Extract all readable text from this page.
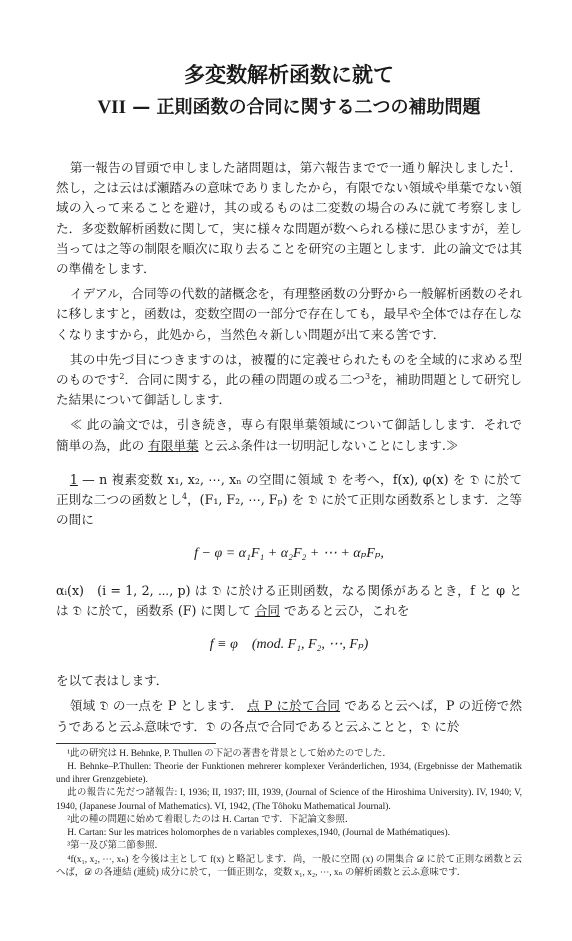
多変数解析函数に就て
VII — 正則函数の合同に関する二つの補助問題

第一報告の冒頭で申しました諸問題は，第六報告までで一通り解決しました$^1$．然し，之は云はば瀬踏みの意味でありましたから，有限でない領域や単葉でない領域の入って来ることを避け，其の或るものは二変数の場合のみに就て考察しました．多変数解析函数に関して，実に様々な問題が数へられる様に思ひますが，差し当っては之等の制限を順次に取り去ることを研究の主題とします．此の論文では其の準備をします．

イデアル，合同等の代数的諸概念を，有理整函数の分野から一般解析函数のそれに移しますと，函数は，変数空間の一部分で存在しても，最早や全体では存在しなくなりますから，此処から，当然色々新しい問題が出て来る筈です．

其の中先づ目につきますのは，被覆的に定義せられたものを全域的に求める型のものです$^2$．合同に関する，此の種の問題の或る二つ$^3$を，補助問題として研究した結果について御話しします．

≪ 此の論文では，引き続き，専ら有限単葉領域について御話しします．それで簡単の為，此の 有限単葉 と云ふ条件は一切明記しないことにします.≫

1 — n 複素変数 x₁, x₂, ⋯, xₙ の空間に領域 𝔇 を考へ，f(x), φ(x) を 𝔇 に於て正則な二つの函数とし$^4$，(F₁, F₂, ⋯, Fₚ) を 𝔇 に於て正則な函数系とします．之等の間に

f − φ = α₁F₁ + α₂F₂ + ⋯ + αₚFₚ,

αᵢ(x)　(i = 1, 2, ⋯, p) は 𝔇 に於ける正則函数，なる関係があるとき，f と φ とは 𝔇 に於て，函数系 (F) に関して 合同 であると云ひ，これを

f ≡ φ　(mod. F₁, F₂, ⋯, Fₚ)

を以て表はします．

領域 𝔇 の一点を P とします． 点 P に於て合同 であると云へば，P の近傍で然うであると云ふ意味です．𝔇 の各点で合同であると云ふことと，𝔇 に於

¹此の研究は H. Behnke, P. Thullen の下記の著書を背景として始めたのでした．

H. Behnke–P.Thullen: Theorie der Funktionen mehrerer komplexer Veränderlichen, 1934, (Ergebnisse der Mathematik und ihrer Grenzgebiete).

此の報告に先だつ諸報告: I, 1936; II, 1937; III, 1939, (Journal of Science of the Hiroshima University). IV, 1940; V, 1940, (Japanese Journal of Mathematics). VI, 1942, (The Tôhoku Mathematical Journal).

²此の種の問題に始めて着眼したのは H. Cartan です．下記論文参照．

H. Cartan: Sur les matrices holomorphes de n variables complexes,1940, (Journal de Mathématiques).

³第一及び第二節参照．

⁴f(x₁, x₂, ⋯, xₙ) を今後は主として f(x) と略記します．尚，一般に空間 (x) の開集合 𝒟 に於て正則な函数と云へば，𝒟 の各連結 (連続) 成分に於て，一価正則な，変数 x₁, x₂, ⋯, xₙ の解析函数と云ふ意味です．
